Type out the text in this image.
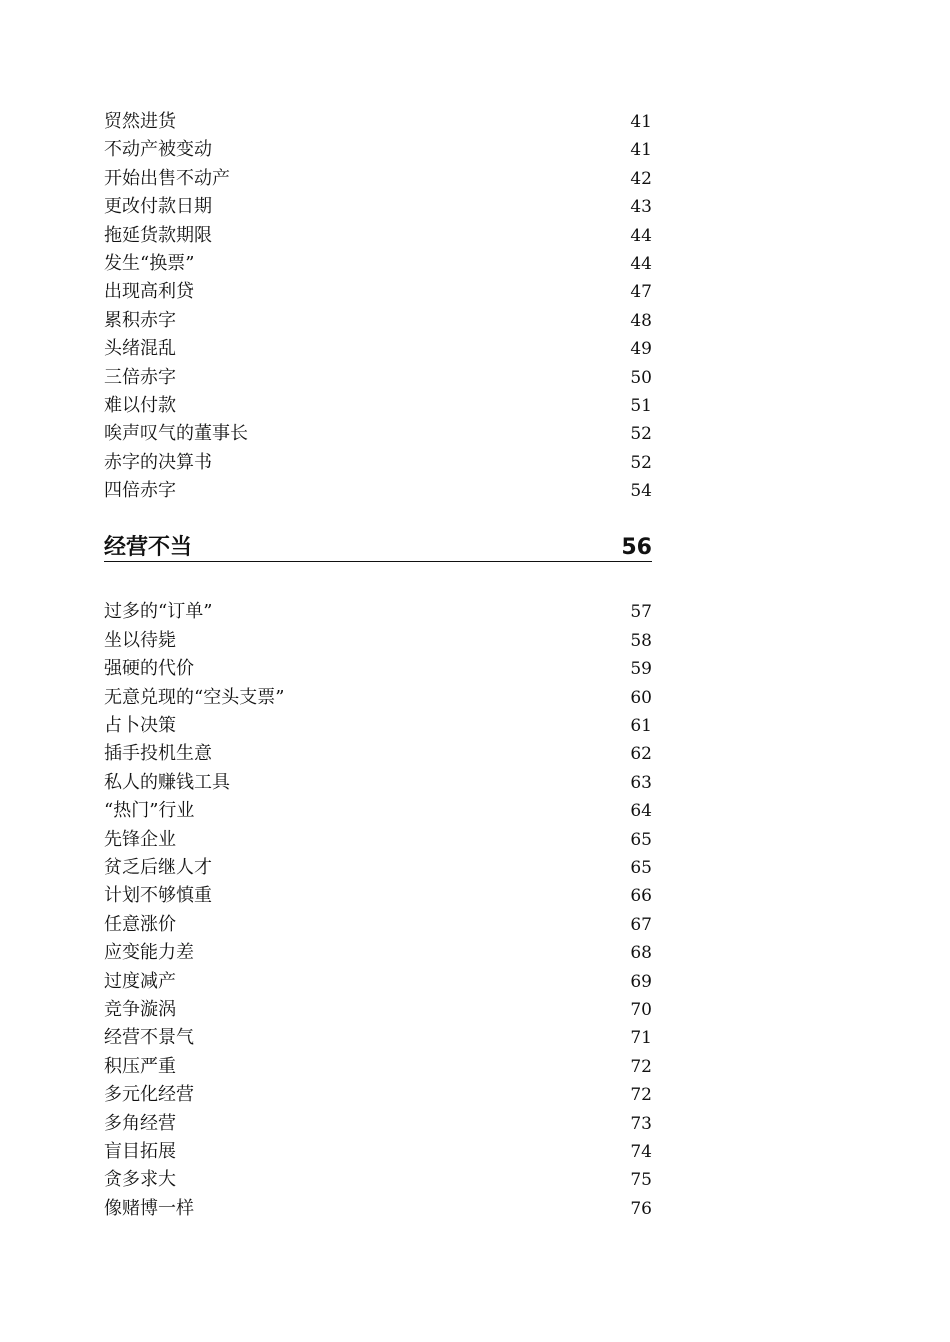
贸然进货	41
不动产被变动	41
开始出售不动产	42
更改付款日期	43
拖延货款期限	44
发生“换票”	44
出现高利贷	47
累积赤字	48
头绪混乱	49
三倍赤字	50
难以付款	51
唉声叹气的董事长	52
赤字的决算书	52
四倍赤字	54
经营不当	56
过多的“订单”	57
坐以待毙	58
强硬的代价	59
无意兑现的“空头支票”	60
占卜决策	61
插手投机生意	62
私人的赚钱工具	63
“热门”行业	64
先锋企业	65
贫乏后继人才	65
计划不够慎重	66
任意涨价	67
应变能力差	68
过度减产	69
竞争漩涡	70
经营不景气	71
积压严重	72
多元化经营	72
多角经营	73
盲目拓展	74
贪多求大	75
像赌博一样	76
